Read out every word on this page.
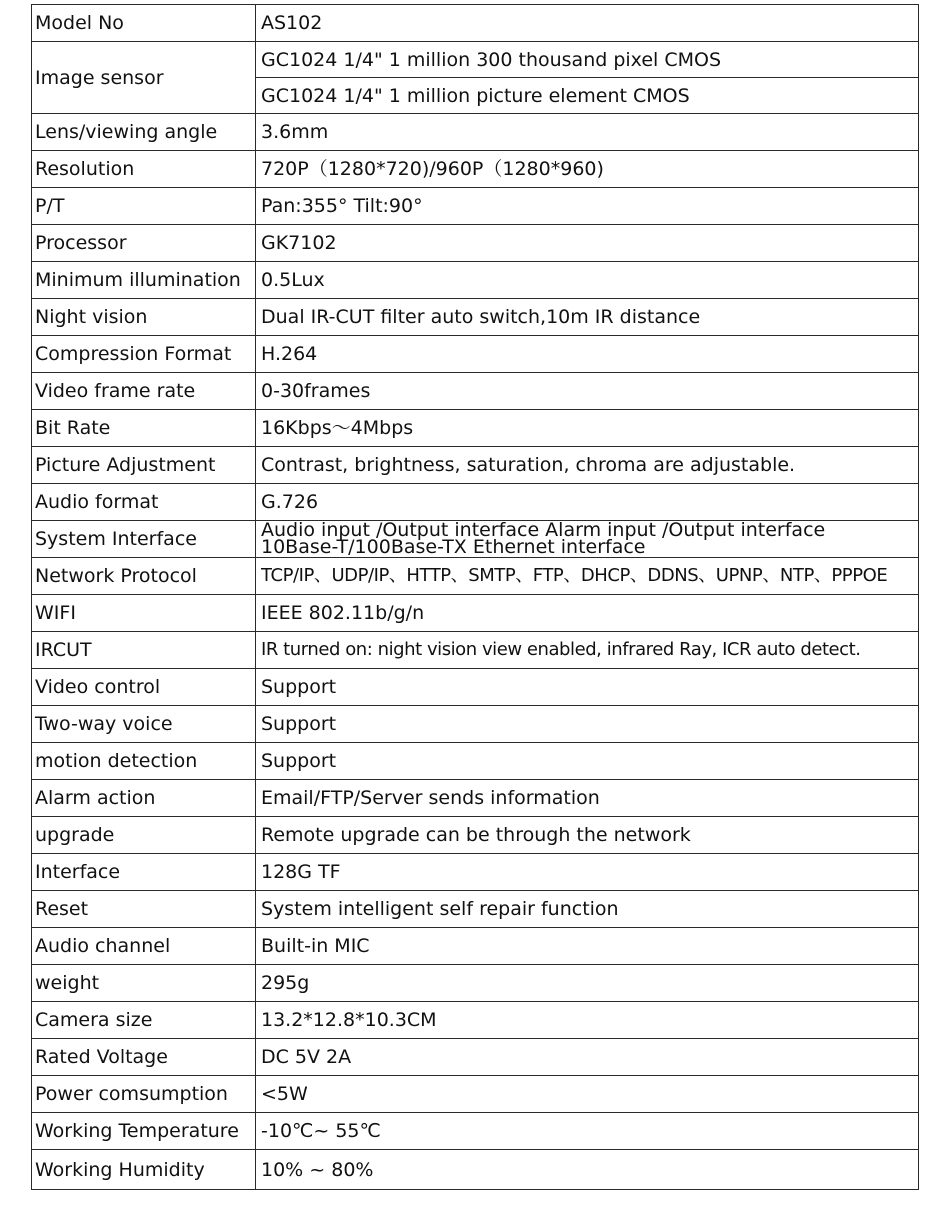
Model No	AS102
Image sensor	GC1024 1/4" 1 million 300 thousand pixel CMOS
	GC1024 1/4" 1 million picture element CMOS
Lens/viewing angle	3.6mm
Resolution	720P（1280*720)/960P（1280*960)
P/T	Pan:355° Tilt:90°
Processor	GK7102
Minimum illumination	0.5Lux
Night vision	Dual IR-CUT filter auto switch,10m IR distance
Compression Format	H.264
Video frame rate	0-30frames
Bit Rate	16Kbps～4Mbps
Picture Adjustment	Contrast, brightness, saturation, chroma are adjustable.
Audio format	G.726
System Interface	Audio input /Output interface Alarm input /Output interface
10Base-T/100Base-TX Ethernet interface

Network Protocol	TCP/IP、UDP/IP、HTTP、SMTP、FTP、DHCP、DDNS、UPNP、NTP、PPPOE
WIFI	IEEE 802.11b/g/n
IRCUT	IR turned on: night vision view enabled, infrared Ray, ICR auto detect.
Video control	Support
Two-way voice	Support
motion detection	Support
Alarm action	Email/FTP/Server sends information
upgrade	Remote upgrade can be through the network
Interface	128G TF
Reset	System intelligent self repair function
Audio channel	Built-in MIC
weight	295g
Camera size	13.2*12.8*10.3CM
Rated Voltage	DC 5V 2A
Power comsumption	<5W
Working Temperature	-10℃~ 55℃
Working Humidity	10% ~ 80%
